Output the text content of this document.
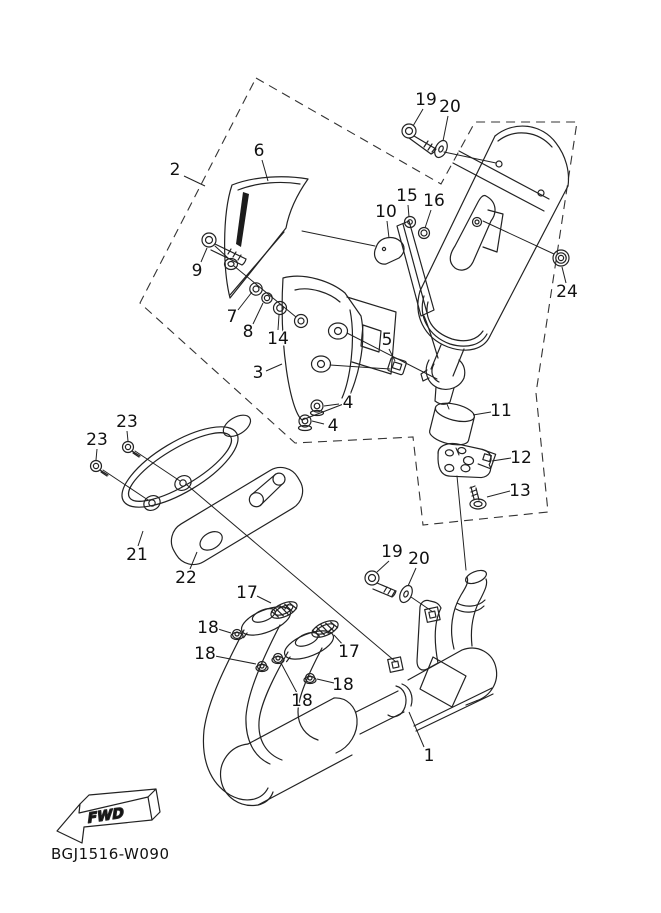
FWD
BGJ1516-W090
19 20
2
6
15 16
10
9
24
7
8 14
3
5
4
4
11
12
13
23
23
21
22
19 20
17
17
18
18
18
18
1
